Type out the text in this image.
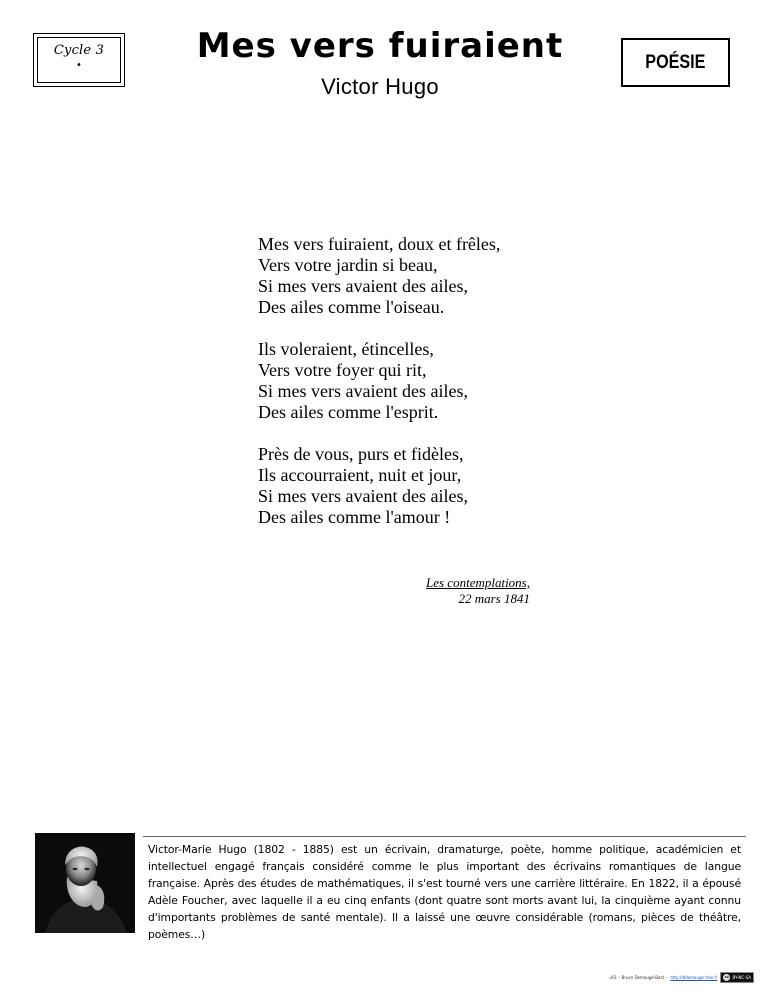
Cycle 3
•	Mes vers fuiraient
Victor Hugo
POÉSIE
Mes vers fuiraient, doux et frêles,
Vers votre jardin si beau,
Si mes vers avaient des ailes,
Des ailes comme l'oiseau.
Ils voleraient, étincelles,
Vers votre foyer qui rit,
Si mes vers avaient des ailes,
Des ailes comme l'esprit.
Près de vous, purs et fidèles,
Ils accourraient, nuit et jour,
Si mes vers avaient des ailes,
Des ailes comme l'amour !
Les contemplations,
22 mars 1841
Victor-Marie Hugo (1802 - 1885) est un écrivain, dramaturge, poète, homme politique, académicien et intellectuel engagé français considéré comme le plus important des écrivains romantiques de langue française. Après des études de mathématiques, il s'est tourné vers une carrière littéraire. En 1822, il a épousé Adèle Foucher, avec laquelle il a eu cinq enfants (dont quatre sont morts avant lui, la cinquième ayant connu d'importants problèmes de santé mentale). Il a laissé une œuvre considérable (romans, pièces de théâtre, poèmes…)
v01 – Bruce Demaugé-Bost – http://bdemauge.free.fr	cc BY-NC-SA
